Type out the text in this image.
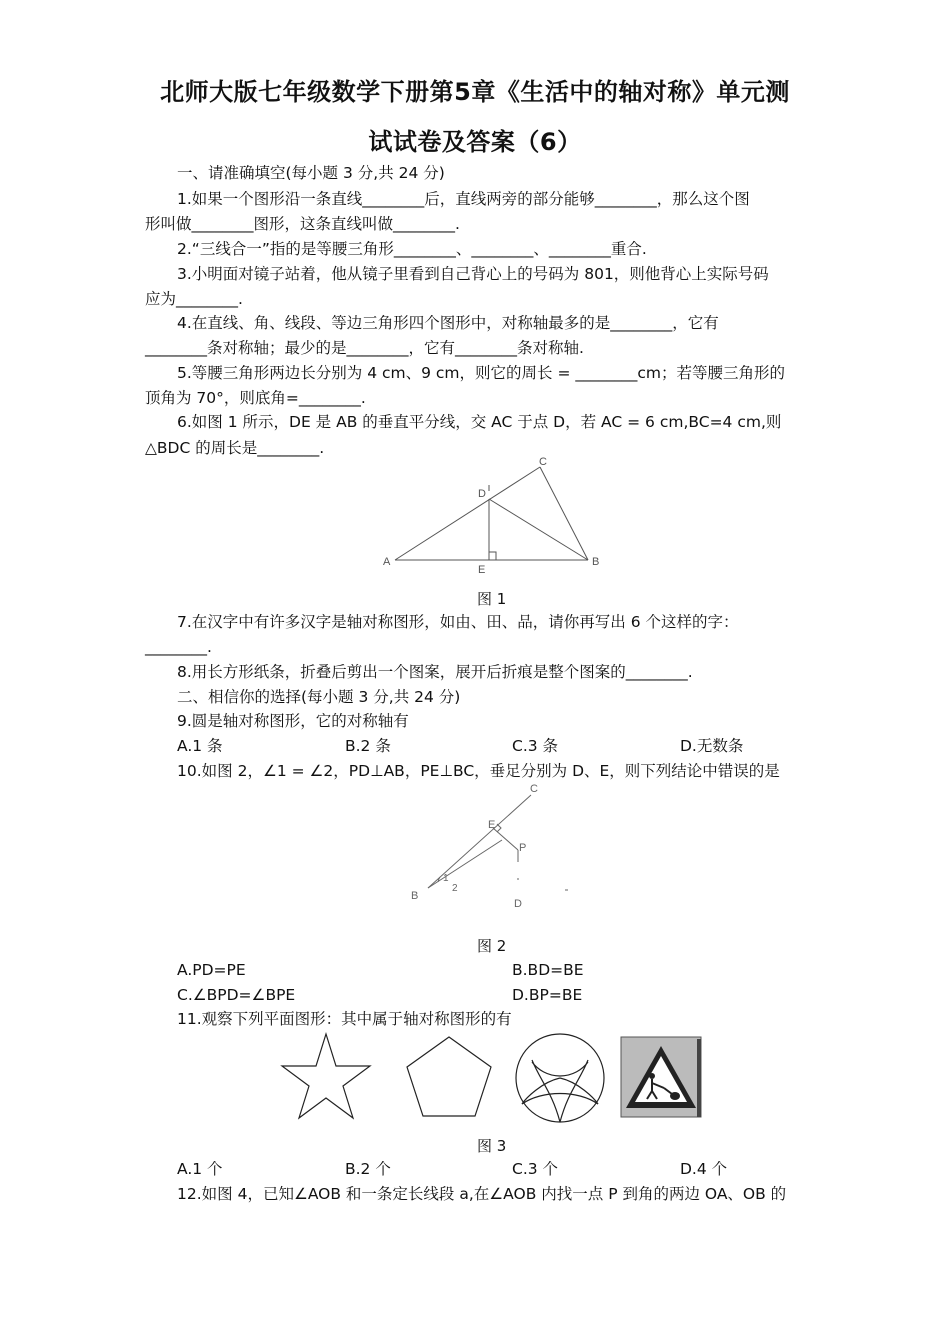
北师大版七年级数学下册第5章《生活中的轴对称》单元测
试试卷及答案（6）
一、请准确填空(每小题 3 分,共 24 分)
1.如果一个图形沿一条直线________后，直线两旁的部分能够________，那么这个图
形叫做________图形，这条直线叫做________.
2.“三线合一”指的是等腰三角形________、________、________重合.
3.小明面对镜子站着，他从镜子里看到自己背心上的号码为 801，则他背心上实际号码
应为________.
4.在直线、角、线段、等边三角形四个图形中，对称轴最多的是________，它有
________条对称轴；最少的是________，它有________条对称轴.
5.等腰三角形两边长分别为 4 cm、9 cm，则它的周长 = ________cm；若等腰三角形的
顶角为 70°，则底角=________.
6.如图 1 所示，DE 是 AB 的垂直平分线，交 AC 于点 D，若 AC = 6 cm,BC=4 cm,则
△BDC 的周长是________.
A	B
C
D
E
图 1
7.在汉字中有许多汉字是轴对称图形，如由、田、品，请你再写出 6 个这样的字：
________.
8.用长方形纸条，折叠后剪出一个图案，展开后折痕是整个图案的________.
二、相信你的选择(每小题 3 分,共 24 分)
9.圆是轴对称图形，它的对称轴有
A.1 条	B.2 条	C.3 条	D.无数条
10.如图 2，∠1 = ∠2，PD⊥AB，PE⊥BC，垂足分别为 D、E，则下列结论中错误的是
C
E
P
B
D
1
2
图 2
A.PD=PE	B.BD=BE
C.∠BPD=∠BPE	D.BP=BE
11.观察下列平面图形：其中属于轴对称图形的有
图 3
A.1 个	B.2 个	C.3 个	D.4 个
12.如图 4，已知∠AOB 和一条定长线段 a,在∠AOB 内找一点 P 到角的两边 OA、OB 的
